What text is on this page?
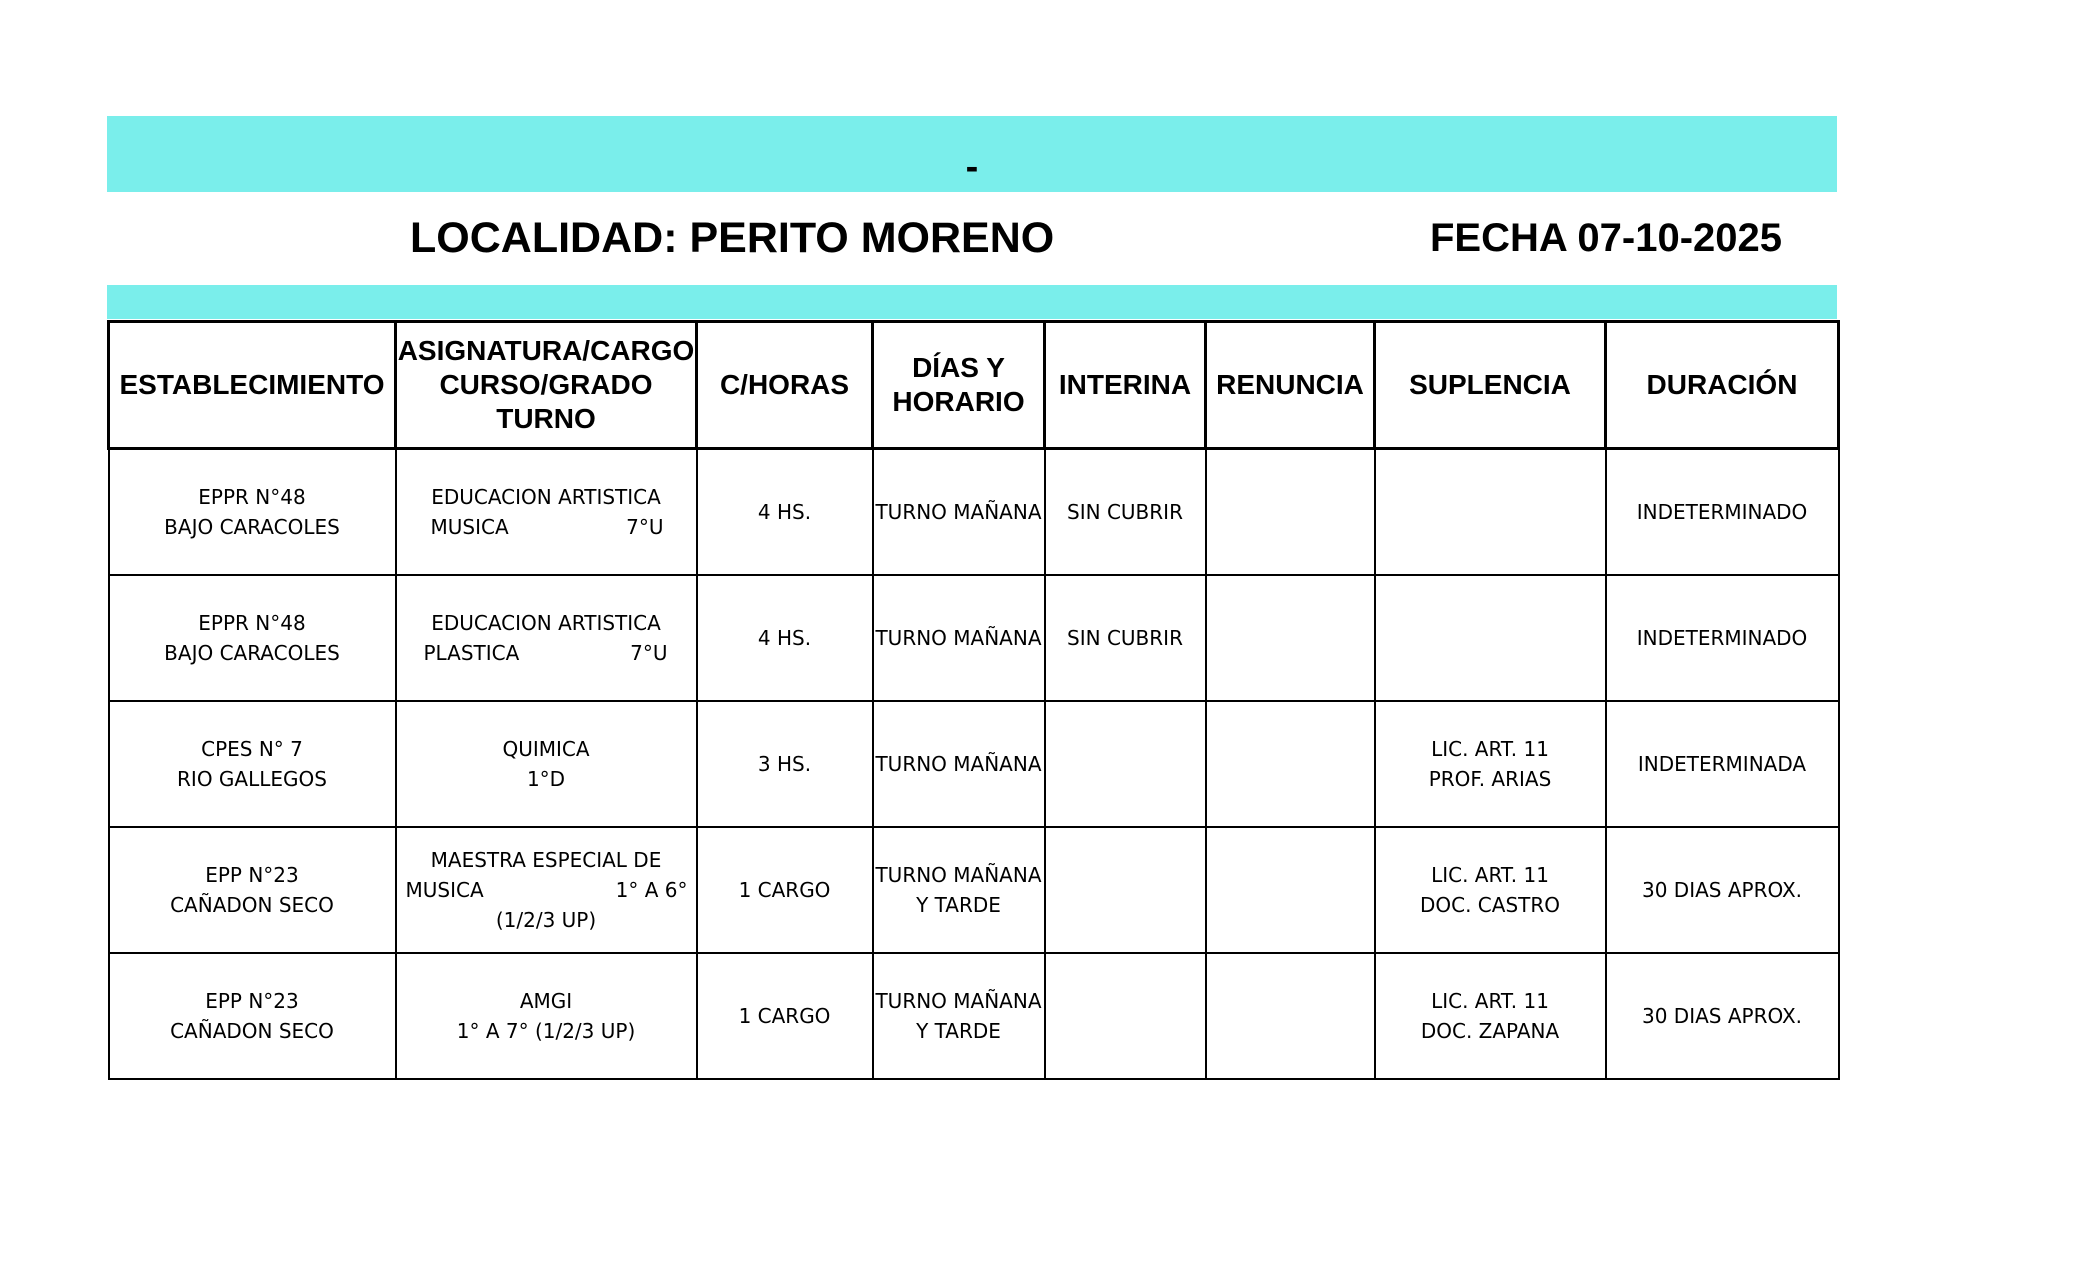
-
LOCALIDAD: PERITO MORENO	FECHA 07-10-2025
ESTABLECIMIENTO	ASIGNATURA/CARGO
CURSO/GRADO
TURNO	C/HORAS	DÍAS Y
HORARIO	INTERINA	RENUNCIA	SUPLENCIA	DURACIÓN

EPPR N°48
BAJO CARACOLES	EDUCACION ARTISTICA
MUSICA 7°U	4 HS.	TURNO MAÑANA	SIN CUBRIR			INDETERMINADO

EPPR N°48
BAJO CARACOLES	EDUCACION ARTISTICA
PLASTICA 7°U	4 HS.	TURNO MAÑANA	SIN CUBRIR			INDETERMINADO

CPES N° 7
RIO GALLEGOS	QUIMICA
1°D	3 HS.	TURNO MAÑANA			LIC. ART. 11
PROF. ARIAS	INDETERMINADA

EPP N°23
CAÑADON SECO	MAESTRA ESPECIAL DE
MUSICA 1° A 6°
(1/2/3 UP)	1 CARGO	TURNO MAÑANA
Y TARDE			LIC. ART. 11
DOC. CASTRO	30 DIAS APROX.

EPP N°23
CAÑADON SECO	AMGI
1° A 7° (1/2/3 UP)	1 CARGO	TURNO MAÑANA
Y TARDE			LIC. ART. 11
DOC. ZAPANA	30 DIAS APROX.
